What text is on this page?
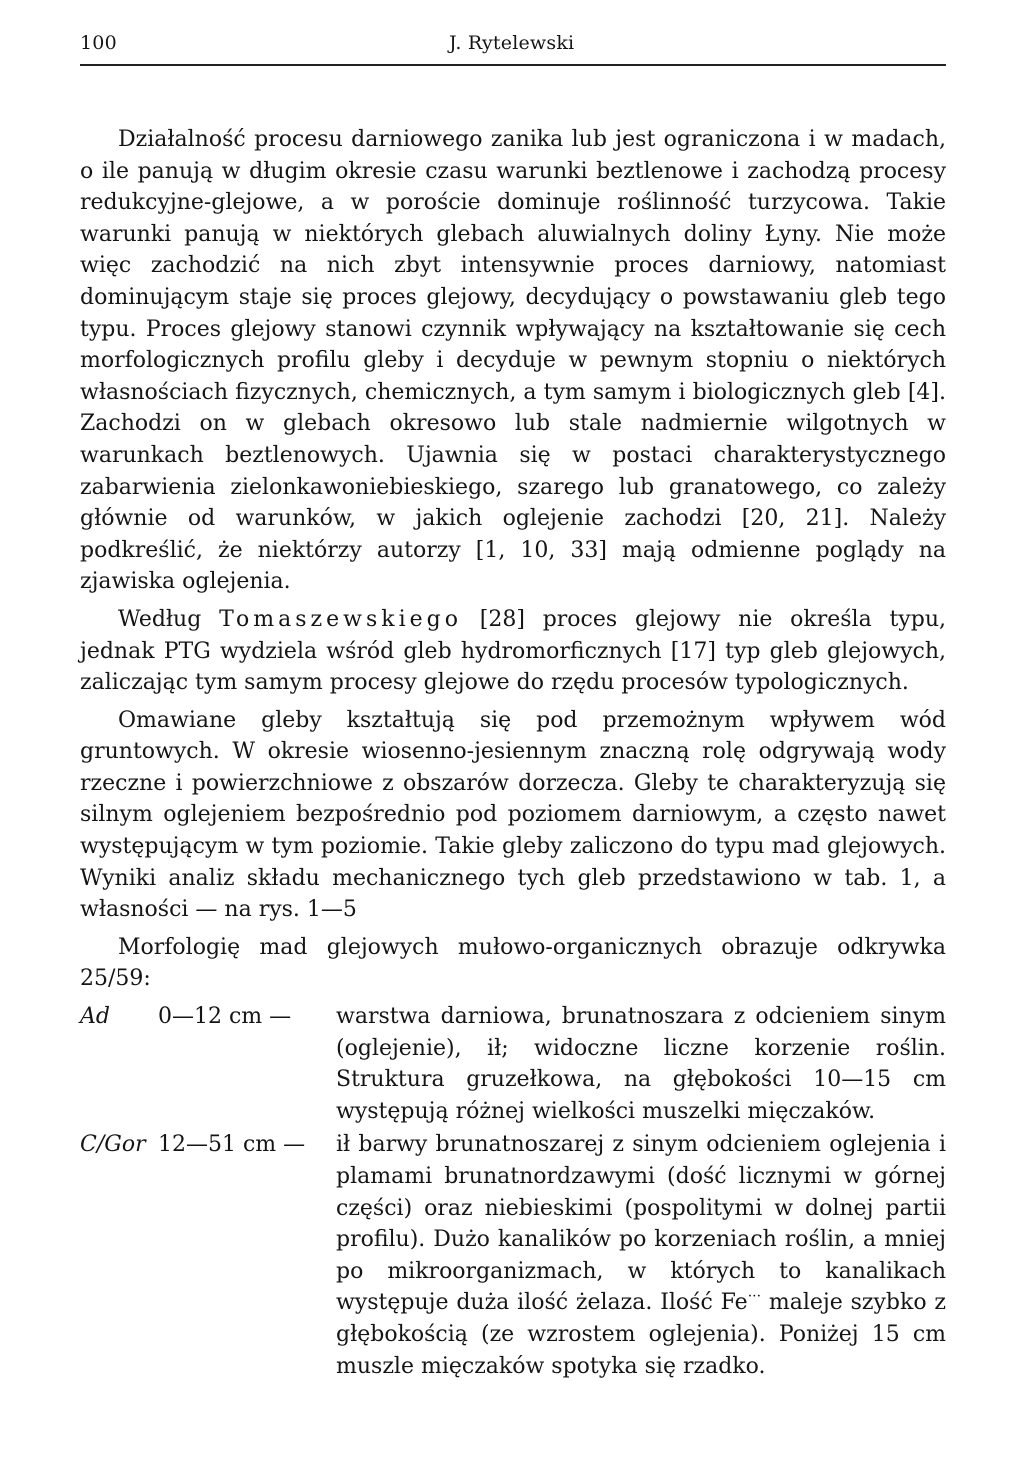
100	J. Rytelewski

Działalność procesu darniowego zanika lub jest ograniczona i w madach, o ile panują w długim okresie czasu warunki beztlenowe i zachodzą procesy redukcyjne-glejowe, a w poroście dominuje roślinność turzycowa. Takie warunki panują w niektórych glebach aluwialnych doliny Łyny. Nie może więc zachodzić na nich zbyt intensywnie proces darniowy, natomiast dominującym staje się proces glejowy, decydujący o powstawaniu gleb tego typu. Proces glejowy stanowi czynnik wpływający na kształtowanie się cech morfologicznych profilu gleby i decyduje w pewnym stopniu o niektórych własnościach fizycznych, chemicznych, a tym samym i biologicznych gleb [4]. Zachodzi on w glebach okresowo lub stale nadmiernie wilgotnych w warunkach beztlenowych. Ujawnia się w postaci charakterystycznego zabarwienia zielonkawoniebieskiego, szarego lub granatowego, co zależy głównie od warunków, w jakich oglejenie zachodzi [20, 21]. Należy podkreślić, że niektórzy autorzy [1, 10, 33] mają odmienne poglądy na zjawiska oglejenia.

Według Tomaszewskiego [28] proces glejowy nie określa typu, jednak PTG wydziela wśród gleb hydromorficznych [17] typ gleb glejowych, zaliczając tym samym procesy glejowe do rzędu procesów typologicznych.

Omawiane gleby kształtują się pod przemożnym wpływem wód gruntowych. W okresie wiosenno-jesiennym znaczną rolę odgrywają wody rzeczne i powierzchniowe z obszarów dorzecza. Gleby te charakteryzują się silnym oglejeniem bezpośrednio pod poziomem darniowym, a często nawet występującym w tym poziomie. Takie gleby zaliczono do typu mad glejowych. Wyniki analiz składu mechanicznego tych gleb przedstawiono w tab. 1, a własności — na rys. 1—5

Morfologię mad glejowych mułowo-organicznych obrazuje odkrywka 25/59:

Ad	0—12 cm —	warstwa darniowa, brunatnoszara z odcieniem sinym (oglejenie), ił; widoczne liczne korzenie roślin. Struktura gruzełkowa, na głębokości 10—15 cm występują różnej wielkości muszelki mięczaków.
C/Gor 12—51 cm —	ił barwy brunatnoszarej z sinym odcieniem oglejenia i plamami brunatnordzawymi (dość licznymi w górnej części) oraz niebieskimi (pospolitymi w dolnej partii profilu). Dużo kanalików po korzeniach roślin, a mniej po mikroorganizmach, w których to kanalikach występuje duża ilość żelaza. Ilość Fe··· maleje szybko z głębokością (ze wzrostem oglejenia). Poniżej 15 cm muszle mięczaków spotyka się rzadko.
